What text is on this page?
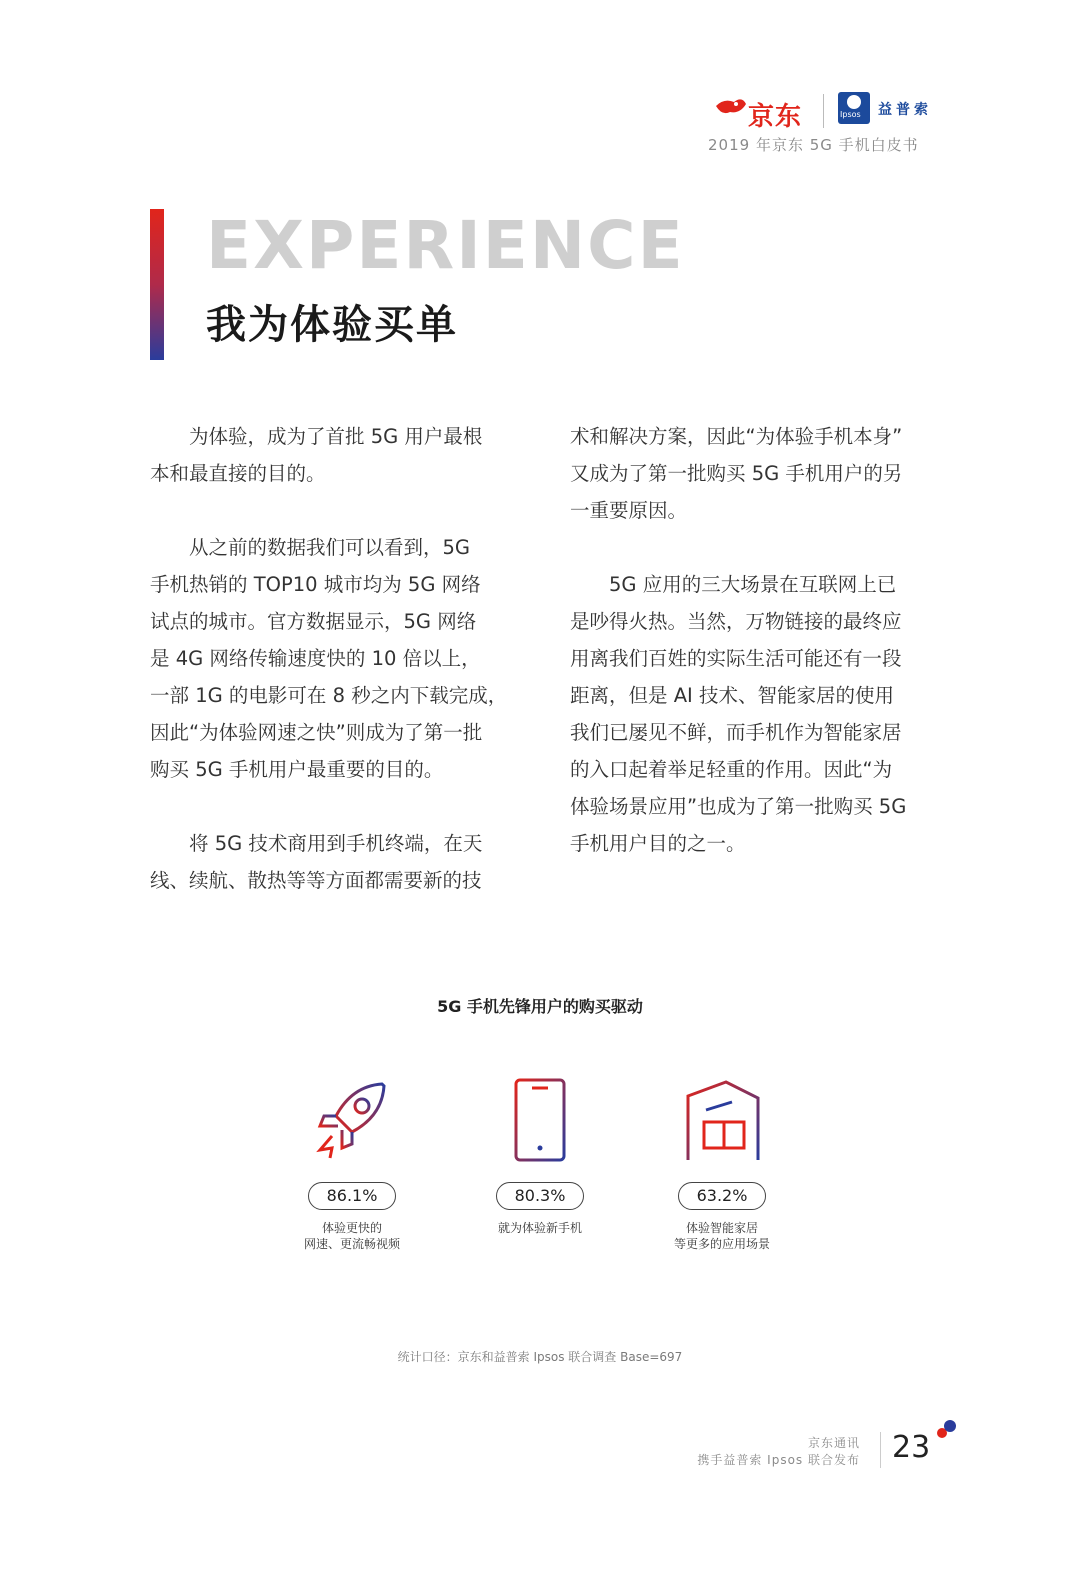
京东	Ipsos 益普索
2019 年京东 5G 手机白皮书
EXPERIENCE
我为体验买单
　　为体验，成为了首批 5G 用户最根
本和最直接的目的。
　　从之前的数据我们可以看到，5G
手机热销的 TOP10 城市均为 5G 网络
试点的城市。官方数据显示，5G 网络
是 4G 网络传输速度快的 10 倍以上，
一部 1G 的电影可在 8 秒之内下载完成，
因此“为体验网速之快”则成为了第一批
购买 5G 手机用户最重要的目的。
　　将 5G 技术商用到手机终端，在天
线、续航、散热等等方面都需要新的技
术和解决方案，因此“为体验手机本身”
又成为了第一批购买 5G 手机用户的另
一重要原因。
　　5G 应用的三大场景在互联网上已
是吵得火热。当然，万物链接的最终应
用离我们百姓的实际生活可能还有一段
距离，但是 AI 技术、智能家居的使用
我们已屡见不鲜，而手机作为智能家居
的入口起着举足轻重的作用。因此“为
体验场景应用”也成为了第一批购买 5G
手机用户目的之一。
5G 手机先锋用户的购买驱动
86.1%
体验更快的
网速、更流畅视频
80.3%
就为体验新手机
63.2%
体验智能家居
等更多的应用场景
统计口径：京东和益普索 Ipsos 联合调查 Base=697
京东通讯
携手益普索 Ipsos 联合发布 23
